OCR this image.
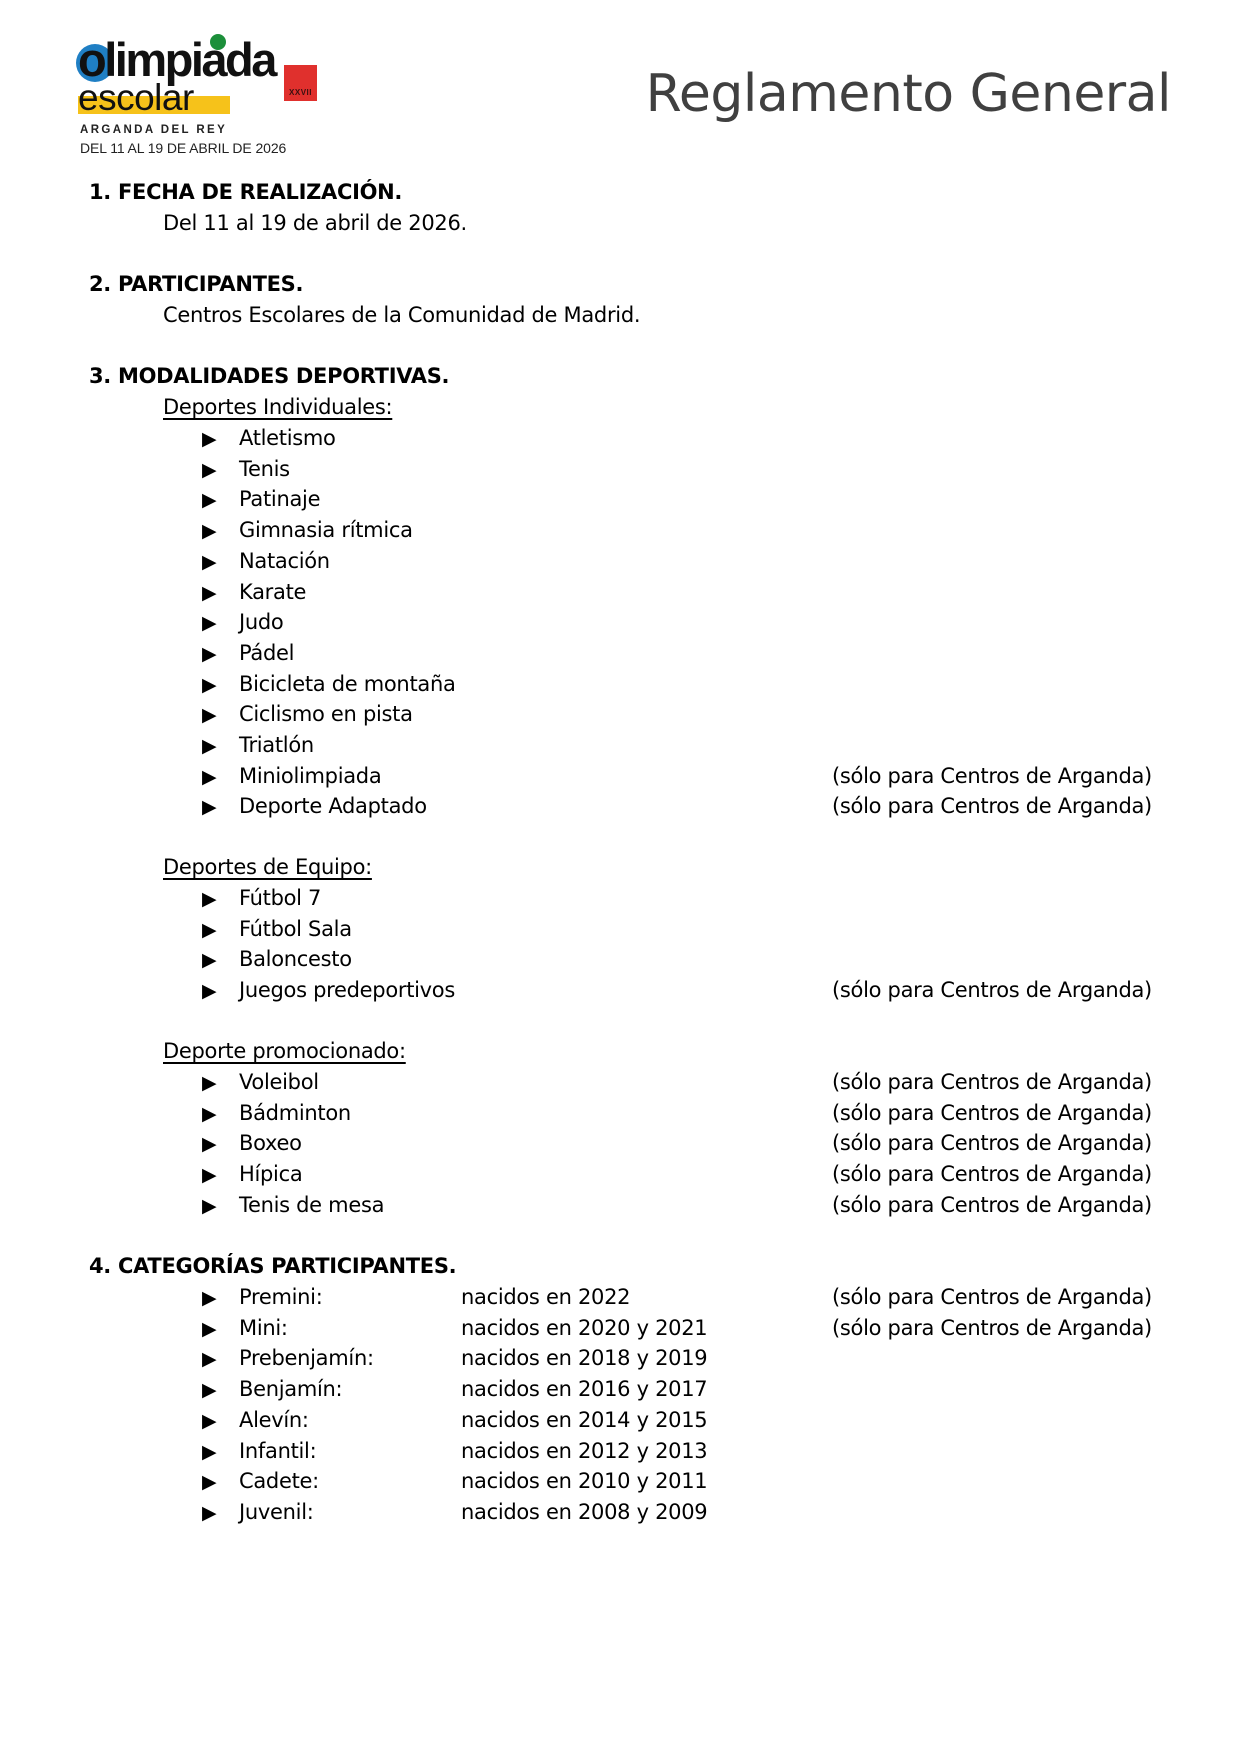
olimpiada
XXVII
escolar
ARGANDA DEL REY
DEL 11 AL 19 DE ABRIL DE 2026
Reglamento General
1. FECHA DE REALIZACIÓN.
Del 11 al 19 de abril de 2026.
2. PARTICIPANTES.
Centros Escolares de la Comunidad de Madrid.
3. MODALIDADES DEPORTIVAS.
Deportes Individuales:
▶ Atletismo
▶ Tenis
▶ Patinaje
▶ Gimnasia rítmica
▶ Natación
▶ Karate
▶ Judo
▶ Pádel
▶ Bicicleta de montaña
▶ Ciclismo en pista
▶ Triatlón
▶ Miniolimpiada	(sólo para Centros de Arganda)
▶ Deporte Adaptado	(sólo para Centros de Arganda)
Deportes de Equipo:
▶ Fútbol 7
▶ Fútbol Sala
▶ Baloncesto
▶ Juegos predeportivos	(sólo para Centros de Arganda)
Deporte promocionado:
▶ Voleibol	(sólo para Centros de Arganda)
▶ Bádminton	(sólo para Centros de Arganda)
▶ Boxeo	(sólo para Centros de Arganda)
▶ Hípica	(sólo para Centros de Arganda)
▶ Tenis de mesa	(sólo para Centros de Arganda)
4. CATEGORÍAS PARTICIPANTES.
▶ Premini:	nacidos en 2022	(sólo para Centros de Arganda)
▶ Mini:	nacidos en 2020 y 2021	(sólo para Centros de Arganda)
▶ Prebenjamín:	nacidos en 2018 y 2019
▶ Benjamín:	nacidos en 2016 y 2017
▶ Alevín:	nacidos en 2014 y 2015
▶ Infantil:	nacidos en 2012 y 2013
▶ Cadete:	nacidos en 2010 y 2011
▶ Juvenil:	nacidos en 2008 y 2009
